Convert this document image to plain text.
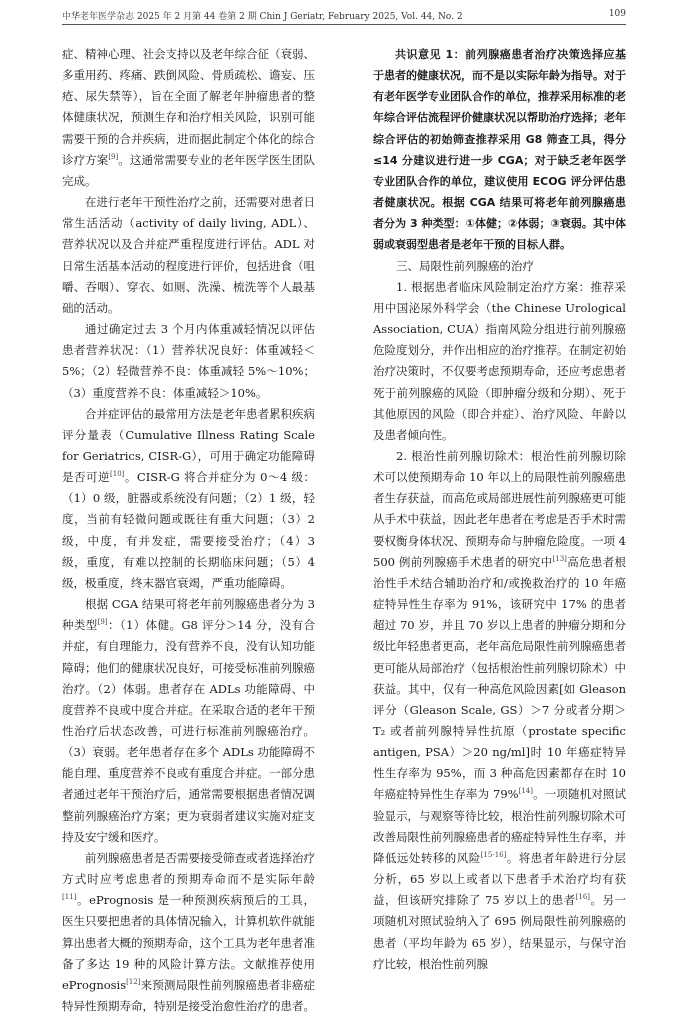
中华老年医学杂志 2025 年 2 月第 44 卷第 2 期 Chin J Geriatr, February 2025, Vol. 44, No. 2	109

症、精神心理、社会支持以及老年综合征（衰弱、多重用药、疼痛、跌倒风险、骨质疏松、谵妄、压疮、尿失禁等），旨在全面了解老年肿瘤患者的整体健康状况，预测生存和治疗相关风险，识别可能需要干预的合并疾病，进而据此制定个体化的综合诊疗方案[9]。这通常需要专业的老年医学医生团队完成。

在进行老年干预性治疗之前，还需要对患者日常生活活动（activity of daily living, ADL）、营养状况以及合并症严重程度进行评估。ADL 对日常生活基本活动的程度进行评价，包括进食（咀嚼、吞咽）、穿衣、如厕、洗澡、梳洗等个人最基础的活动。

通过确定过去 3 个月内体重减轻情况以评估患者营养状况：（1）营养状况良好：体重减轻＜5%；（2）轻微营养不良：体重减轻 5%～10%；（3）重度营养不良：体重减轻＞10%。

合并症评估的最常用方法是老年患者累积疾病评分量表（Cumulative Illness Rating Scale for Geriatrics, CISR-G），可用于确定功能障碍是否可逆[10]。CISR-G 将合并症分为 0～4 级：（1）0 级，脏器或系统没有问题；（2）1 级，轻度，当前有轻微问题或既往有重大问题；（3）2 级，中度，有并发症，需要接受治疗；（4）3 级，重度，有难以控制的长期临床问题；（5）4 级，极重度，终末器官衰竭，严重功能障碍。

根据 CGA 结果可将老年前列腺癌患者分为 3 种类型[9]：（1）体健。G8 评分＞14 分，没有合并症，有自理能力，没有营养不良，没有认知功能障碍；他们的健康状况良好，可接受标准前列腺癌治疗。（2）体弱。患者存在 ADLs 功能障碍、中度营养不良或中度合并症。在采取合适的老年干预性治疗后状态改善，可进行标准前列腺癌治疗。（3）衰弱。老年患者存在多个 ADLs 功能障碍不能自理、重度营养不良或有重度合并症。一部分患者通过老年干预治疗后，通常需要根据患者情况调整前列腺癌治疗方案；更为衰弱者建议实施对症支持及安宁缓和医疗。

前列腺癌患者是否需要接受筛查或者选择治疗方式时应考虑患者的预期寿命而不是实际年龄[11]。ePrognosis 是一种预测疾病预后的工具，医生只要把患者的具体情况输入，计算机软件就能算出患者大概的预期寿命，这个工具为老年患者准备了多达 19 种的风险计算方法。文献推荐使用 ePrognosis[12]来预测局限性前列腺癌患者非癌症特异性预期寿命，特别是接受治愈性治疗的患者。

共识意见 1：前列腺癌患者治疗决策选择应基于患者的健康状况，而不是以实际年龄为指导。对于有老年医学专业团队合作的单位，推荐采用标准的老年综合评估流程评价健康状况以帮助治疗选择；老年综合评估的初始筛查推荐采用 G8 筛查工具，得分≤14 分建议进行进一步 CGA；对于缺乏老年医学专业团队合作的单位，建议使用 ECOG 评分评估患者健康状况。根据 CGA 结果可将老年前列腺癌患者分为 3 种类型：①体健；②体弱；③衰弱。其中体弱或衰弱型患者是老年干预的目标人群。

三、局限性前列腺癌的治疗

1. 根据患者临床风险制定治疗方案：推荐采用中国泌尿外科学会（the Chinese Urological Association, CUA）指南风险分组进行前列腺癌危险度划分，并作出相应的治疗推荐。在制定初始治疗决策时，不仅要考虑预期寿命，还应考虑患者死于前列腺癌的风险（即肿瘤分级和分期）、死于其他原因的风险（即合并症）、治疗风险、年龄以及患者倾向性。

2. 根治性前列腺切除术：根治性前列腺切除术可以使预期寿命 10 年以上的局限性前列腺癌患者生存获益，而高危或局部进展性前列腺癌更可能从手术中获益，因此老年患者在考虑是否手术时需要权衡身体状况、预期寿命与肿瘤危险度。一项 4 500 例前列腺癌手术患者的研究中[13]高危患者根治性手术结合辅助治疗和/或挽救治疗的 10 年癌症特异性生存率为 91%，该研究中 17% 的患者超过 70 岁，并且 70 岁以上患者的肿瘤分期和分级比年轻患者更高，老年高危局限性前列腺癌患者更可能从局部治疗（包括根治性前列腺切除术）中获益。其中，仅有一种高危风险因素[如 Gleason 评分（Gleason Scale, GS）＞7 分或者分期＞T₂ 或者前列腺特异性抗原（prostate specific antigen, PSA）＞20 ng/ml]时 10 年癌症特异性生存率为 95%，而 3 种高危因素都存在时 10 年癌症特异性生存率为 79%[14]。一项随机对照试验显示，与观察等待比较，根治性前列腺切除术可改善局限性前列腺癌患者的癌症特异性生存率，并降低远处转移的风险[15-16]。将患者年龄进行分层分析，65 岁以上或者以下患者手术治疗均有获益，但该研究排除了 75 岁以上的患者[16]。另一项随机对照试验纳入了 695 例局限性前列腺癌的患者（平均年龄为 65 岁），结果显示，与保守治疗比较，根治性前列腺
